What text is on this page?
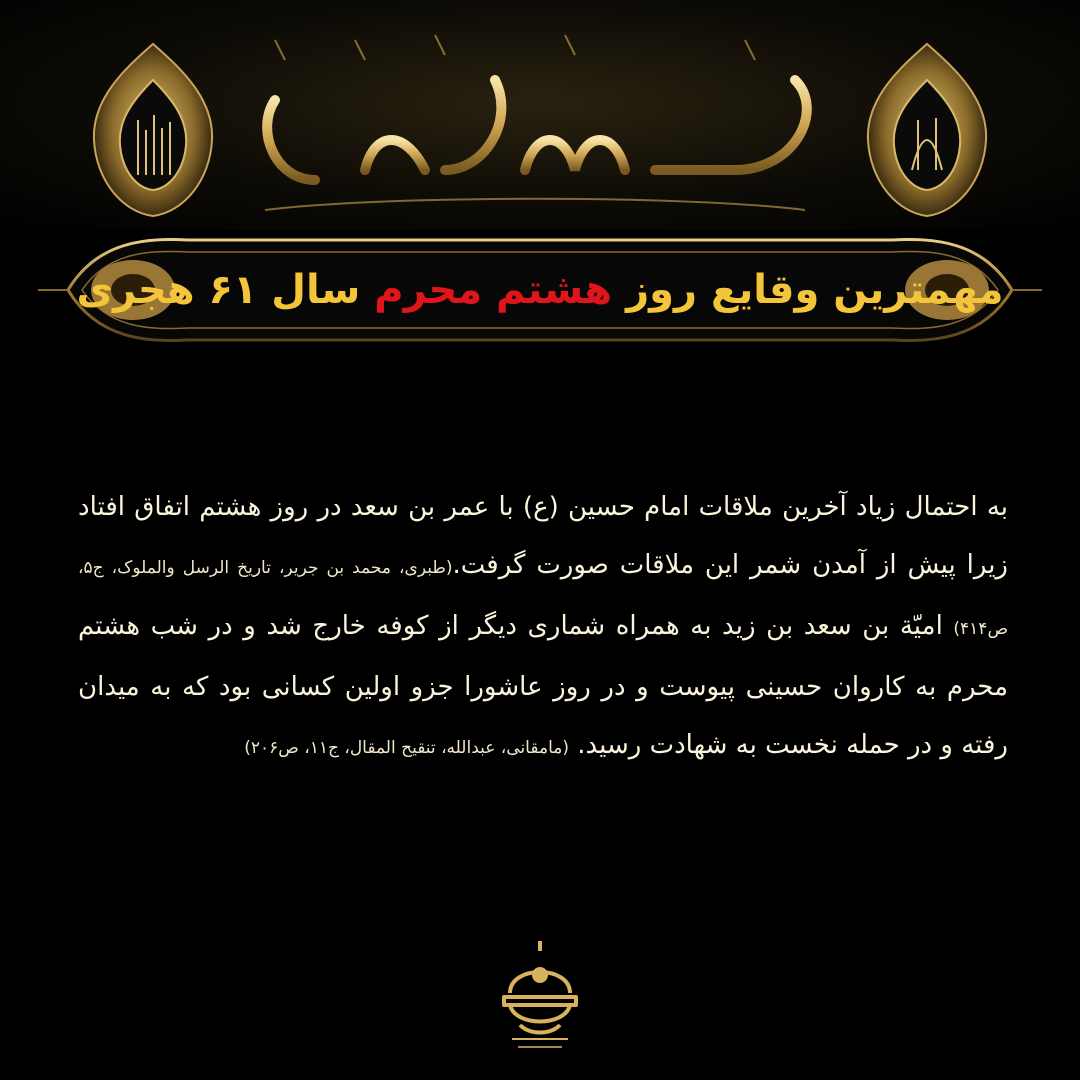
مهمترین وقایع روز

هشتم محرم

سال ۶۱ هجری
به احتمال زیاد آخرین ملاقات امام حسین (ع) با عمر بن سعد در روز هشتم اتفاق افتاد زیرا پیش از آمدن شمر این ملاقات صورت گرفت.(طبری، محمد بن جریر، تاریخ الرسل والملوک، ج۵، ص۴۱۴) امیّة بن سعد بن زید به همراه شماری دیگر از کوفه خارج شد و در شب هشتم محرم به کاروان حسینی پیوست و در روز عاشورا جزو اولین کسانی بود که به میدان رفته و در حمله نخست به شهادت رسید. (مامقانی، عبدالله، تنقیح المقال، ج۱۱، ص۲۰۶)
